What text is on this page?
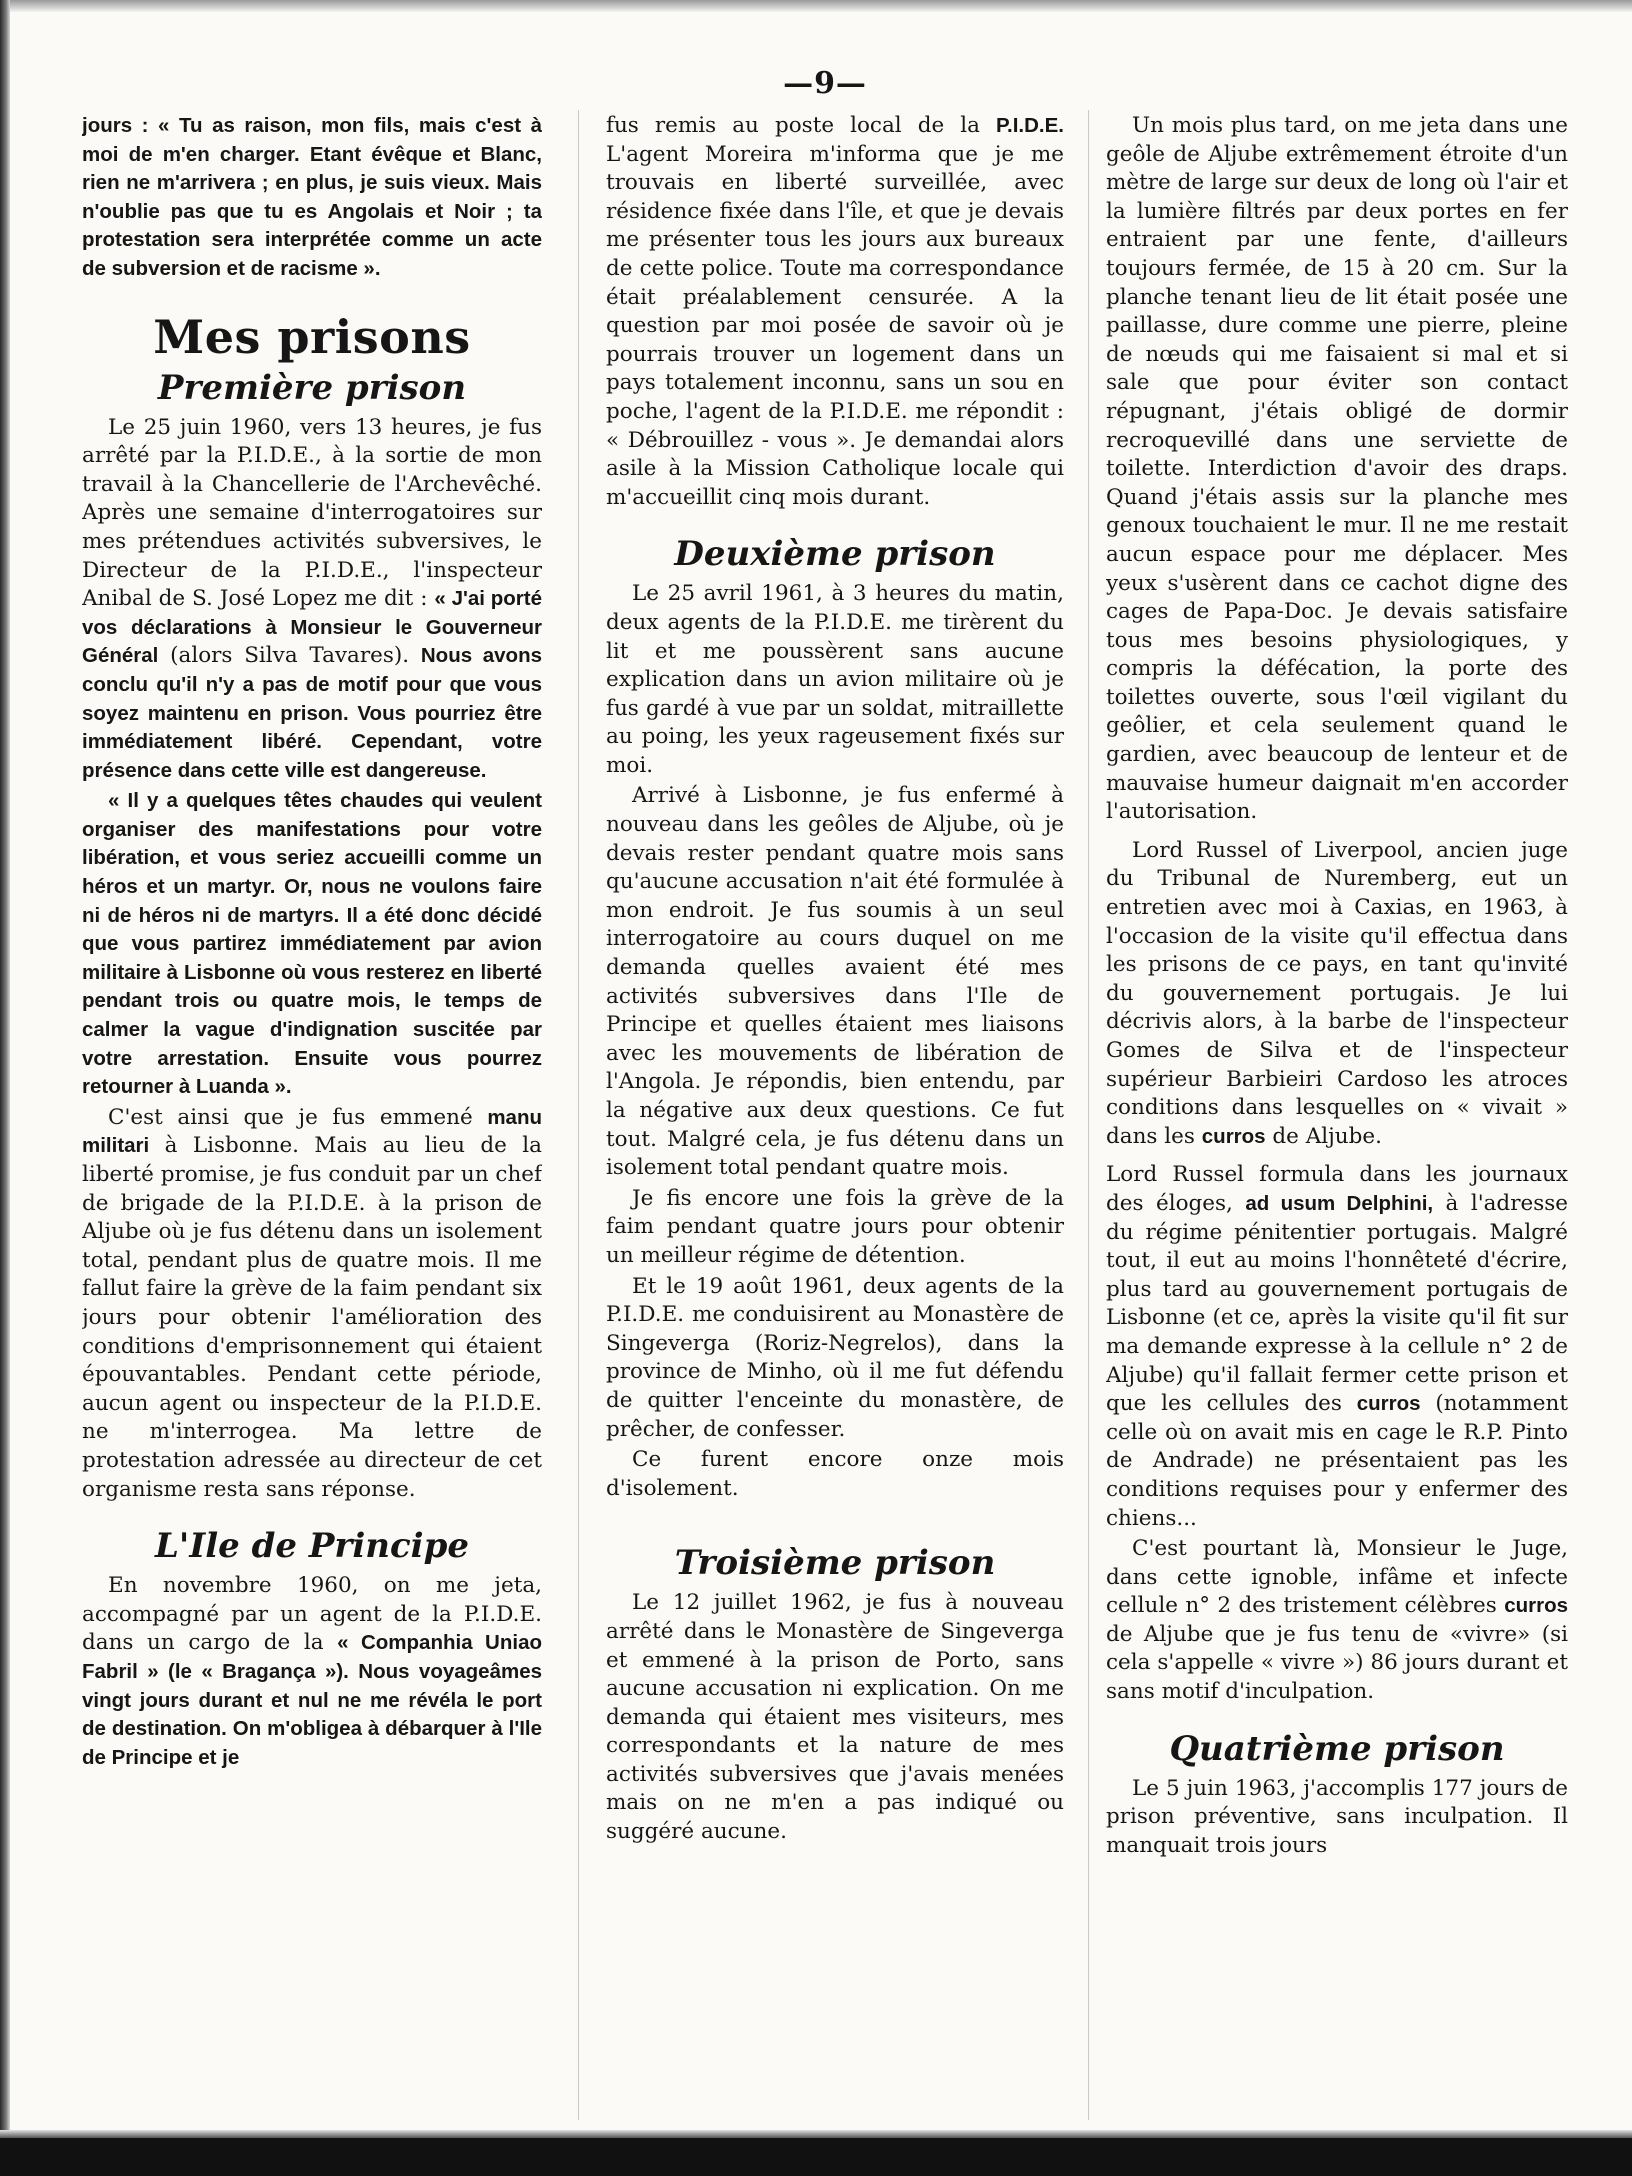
—9—

jours : « Tu as raison, mon fils, mais c'est à moi de m'en charger. Etant évêque et Blanc, rien ne m'arrivera ; en plus, je suis vieux. Mais n'oublie pas que tu es Angolais et Noir ; ta protestation sera interprétée comme un acte de subversion et de racisme ».

Mes prisons
Première prison

Le 25 juin 1960, vers 13 heures, je fus arrêté par la P.I.D.E., à la sortie de mon travail à la Chancellerie de l'Archevêché. Après une semaine d'interrogatoires sur mes prétendues activités subversives, le Directeur de la P.I.D.E., l'inspecteur Anibal de S. José Lopez me dit : « J'ai porté vos déclarations à Monsieur le Gouverneur Général (alors Silva Tavares). Nous avons conclu qu'il n'y a pas de motif pour que vous soyez maintenu en prison. Vous pourriez être immédiatement libéré. Cependant, votre présence dans cette ville est dangereuse.

« Il y a quelques têtes chaudes qui veulent organiser des manifestations pour votre libération, et vous seriez accueilli comme un héros et un martyr. Or, nous ne voulons faire ni de héros ni de martyrs. Il a été donc décidé que vous partirez immédiatement par avion militaire à Lisbonne où vous resterez en liberté pendant trois ou quatre mois, le temps de calmer la vague d'indignation suscitée par votre arrestation. Ensuite vous pourrez retourner à Luanda ».

C'est ainsi que je fus emmené manu militari à Lisbonne. Mais au lieu de la liberté promise, je fus conduit par un chef de brigade de la P.I.D.E. à la prison de Aljube où je fus détenu dans un isolement total, pendant plus de quatre mois. Il me fallut faire la grève de la faim pendant six jours pour obtenir l'amélioration des conditions d'emprisonnement qui étaient épouvantables. Pendant cette période, aucun agent ou inspecteur de la P.I.D.E. ne m'interrogea. Ma lettre de protestation adressée au directeur de cet organisme resta sans réponse.

L'Ile de Principe

En novembre 1960, on me jeta, accompagné par un agent de la P.I.D.E. dans un cargo de la « Companhia Uniao Fabril » (le « Bragança »). Nous voyageâmes vingt jours durant et nul ne me révéla le port de destination. On m'obligea à débarquer à l'Ile de Principe et je

fus remis au poste local de la P.I.D.E. L'agent Moreira m'informa que je me trouvais en liberté surveillée, avec résidence fixée dans l'île, et que je devais me présenter tous les jours aux bureaux de cette police. Toute ma correspondance était préalablement censurée. A la question par moi posée de savoir où je pourrais trouver un logement dans un pays totalement inconnu, sans un sou en poche, l'agent de la P.I.D.E. me répondit : « Débrouillez - vous ». Je demandai alors asile à la Mission Catholique locale qui m'accueillit cinq mois durant.

Deuxième prison

Le 25 avril 1961, à 3 heures du matin, deux agents de la P.I.D.E. me tirèrent du lit et me poussèrent sans aucune explication dans un avion militaire où je fus gardé à vue par un soldat, mitraillette au poing, les yeux rageusement fixés sur moi.

Arrivé à Lisbonne, je fus enfermé à nouveau dans les geôles de Aljube, où je devais rester pendant quatre mois sans qu'aucune accusation n'ait été formulée à mon endroit. Je fus soumis à un seul interrogatoire au cours duquel on me demanda quelles avaient été mes activités subversives dans l'Ile de Principe et quelles étaient mes liaisons avec les mouvements de libération de l'Angola. Je répondis, bien entendu, par la négative aux deux questions. Ce fut tout. Malgré cela, je fus détenu dans un isolement total pendant quatre mois.

Je fis encore une fois la grève de la faim pendant quatre jours pour obtenir un meilleur régime de détention.

Et le 19 août 1961, deux agents de la P.I.D.E. me conduisirent au Monastère de Singeverga (Roriz-Negrelos), dans la province de Minho, où il me fut défendu de quitter l'enceinte du monastère, de prêcher, de confesser.

Ce furent encore onze mois d'isolement.

Troisième prison

Le 12 juillet 1962, je fus à nouveau arrêté dans le Monastère de Singeverga et emmené à la prison de Porto, sans aucune accusation ni explication. On me demanda qui étaient mes visiteurs, mes correspondants et la nature de mes activités subversives que j'avais menées mais on ne m'en a pas indiqué ou suggéré aucune.

Un mois plus tard, on me jeta dans une geôle de Aljube extrêmement étroite d'un mètre de large sur deux de long où l'air et la lumière filtrés par deux portes en fer entraient par une fente, d'ailleurs toujours fermée, de 15 à 20 cm. Sur la planche tenant lieu de lit était posée une paillasse, dure comme une pierre, pleine de nœuds qui me faisaient si mal et si sale que pour éviter son contact répugnant, j'étais obligé de dormir recroquevillé dans une serviette de toilette. Interdiction d'avoir des draps. Quand j'étais assis sur la planche mes genoux touchaient le mur. Il ne me restait aucun espace pour me déplacer. Mes yeux s'usèrent dans ce cachot digne des cages de Papa-Doc. Je devais satisfaire tous mes besoins physiologiques, y compris la défécation, la porte des toilettes ouverte, sous l'œil vigilant du geôlier, et cela seulement quand le gardien, avec beaucoup de lenteur et de mauvaise humeur daignait m'en accorder l'autorisation.

Lord Russel of Liverpool, ancien juge du Tribunal de Nuremberg, eut un entretien avec moi à Caxias, en 1963, à l'occasion de la visite qu'il effectua dans les prisons de ce pays, en tant qu'invité du gouvernement portugais. Je lui décrivis alors, à la barbe de l'inspecteur Gomes de Silva et de l'inspecteur supérieur Barbieiri Cardoso les atroces conditions dans lesquelles on « vivait » dans les curros de Aljube.

Lord Russel formula dans les journaux des éloges, ad usum Delphini, à l'adresse du régime pénitentier portugais. Malgré tout, il eut au moins l'honnêteté d'écrire, plus tard au gouvernement portugais de Lisbonne (et ce, après la visite qu'il fit sur ma demande expresse à la cellule n° 2 de Aljube) qu'il fallait fermer cette prison et que les cellules des curros (notamment celle où on avait mis en cage le R.P. Pinto de Andrade) ne présentaient pas les conditions requises pour y enfermer des chiens...

C'est pourtant là, Monsieur le Juge, dans cette ignoble, infâme et infecte cellule n° 2 des tristement célèbres curros de Aljube que je fus tenu de «vivre» (si cela s'appelle « vivre ») 86 jours durant et sans motif d'inculpation.

Quatrième prison

Le 5 juin 1963, j'accomplis 177 jours de prison préventive, sans inculpation. Il manquait trois jours
